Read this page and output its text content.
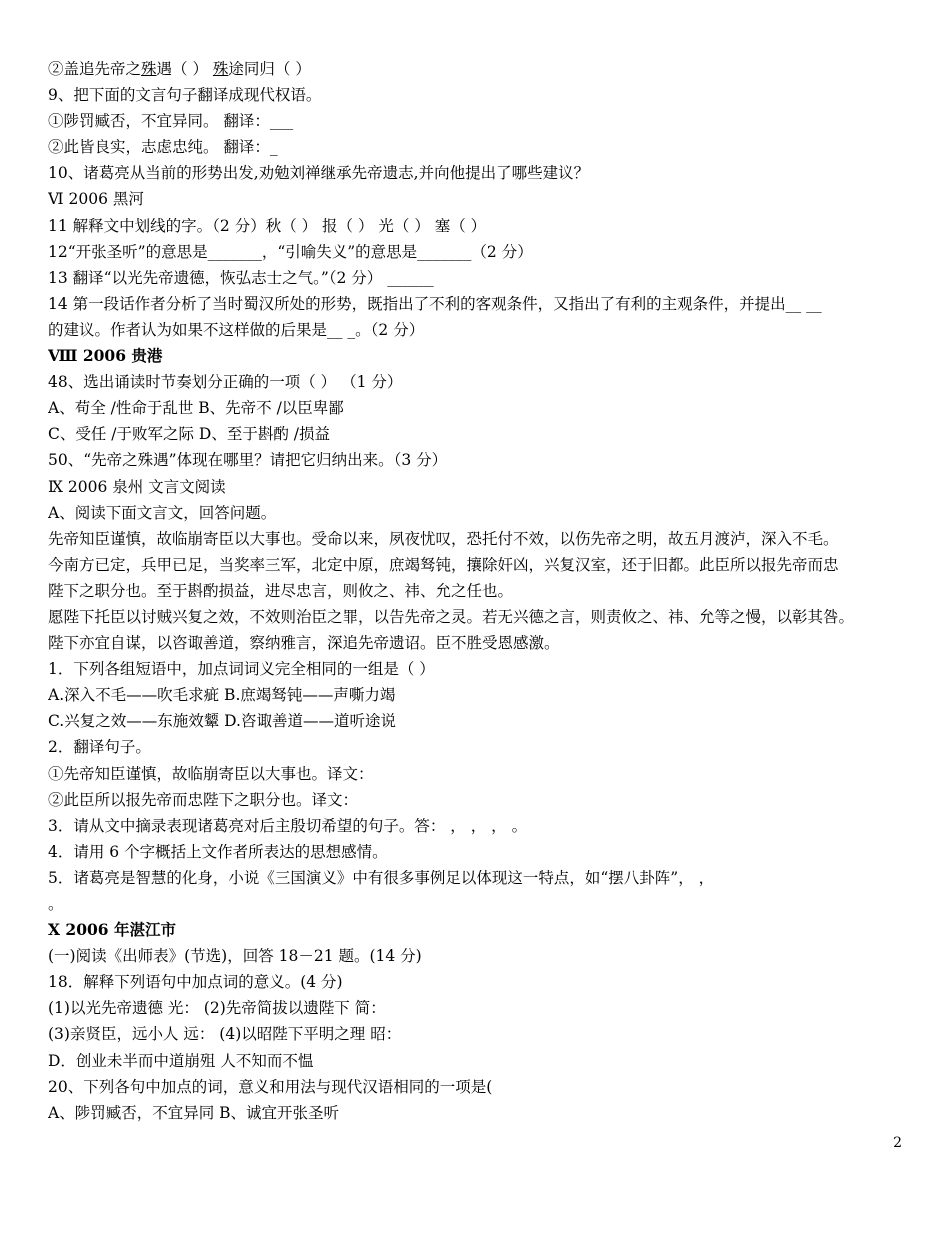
②盖追先帝之殊遇（ ） 殊途同归（ ）
9、把下面的文言句子翻译成现代权语。
①陟罚臧否，不宜异同。 翻译：___
②此皆良实，志虑忠纯。 翻译：_
10、诸葛亮从当前的形势出发,劝勉刘禅继承先帝遗志,并向他提出了哪些建议？
Ⅵ 2006 黑河
11 解释文中划线的字。（2 分）秋（ ） 报（ ） 光（ ） 塞（ ）
12“开张圣听”的意思是_______，“引喻失义”的意思是_______（2 分）
13 翻译“以光先帝遗德，恢弘志士之气。”（2 分） ______
14 第一段话作者分析了当时蜀汉所处的形势，既指出了不利的客观条件，又指出了有利的主观条件，并提出__ __
的建议。作者认为如果不这样做的后果是__ _。（2 分）
Ⅷ 2006 贵港
48、选出诵读时节奏划分正确的一项（ ） （1 分）
A、苟全 /性命于乱世 B、先帝不 /以臣卑鄙
C、受任 /于败军之际 D、至于斟酌 /损益
50、“先帝之殊遇”体现在哪里？请把它归纳出来。（3 分）
Ⅸ 2006 泉州 文言文阅读
A、阅读下面文言文，回答问题。
先帝知臣谨慎，故临崩寄臣以大事也。受命以来，夙夜忧叹，恐托付不效，以伤先帝之明，故五月渡泸，深入不毛。
今南方已定，兵甲已足，当奖率三军，北定中原，庶竭驽钝，攘除奸凶，兴复汉室，还于旧都。此臣所以报先帝而忠
陛下之职分也。至于斟酌损益，进尽忠言，则攸之、祎、允之任也。
愿陛下托臣以讨贼兴复之效，不效则治臣之罪，以告先帝之灵。若无兴德之言，则责攸之、祎、允等之慢，以彰其咎。
陛下亦宜自谋，以咨诹善道，察纳雅言，深追先帝遗诏。臣不胜受恩感激。
1．下列各组短语中，加点词词义完全相同的一组是（ ）
A.深入不毛——吹毛求疵 B.庶竭驽钝——声嘶力竭
C.兴复之效——东施效颦 D.咨诹善道——道听途说
2．翻译句子。
①先帝知臣谨慎，故临崩寄臣以大事也。译文：
②此臣所以报先帝而忠陛下之职分也。译文：
3．请从文中摘录表现诸葛亮对后主殷切希望的句子。答： ， ， ， 。
4．请用 6 个字概括上文作者所表达的思想感情。
5．诸葛亮是智慧的化身，小说《三国演义》中有很多事例足以体现这一特点，如“摆八卦阵”， ，
。
Ⅹ 2006 年湛江市
(一)阅读《出师表》(节选)，回答 18－21 题。(14 分)
18．解释下列语句中加点词的意义。(4 分)
(1)以光先帝遗德 光： (2)先帝简拔以遗陛下 简：
(3)亲贤臣，远小人 远： (4)以昭陛下平明之理 昭：
D．创业未半而中道崩殂 人不知而不愠
20、下列各句中加点的词，意义和用法与现代汉语相同的一项是(
A、陟罚臧否，不宜异同 B、诚宜开张圣听
2
